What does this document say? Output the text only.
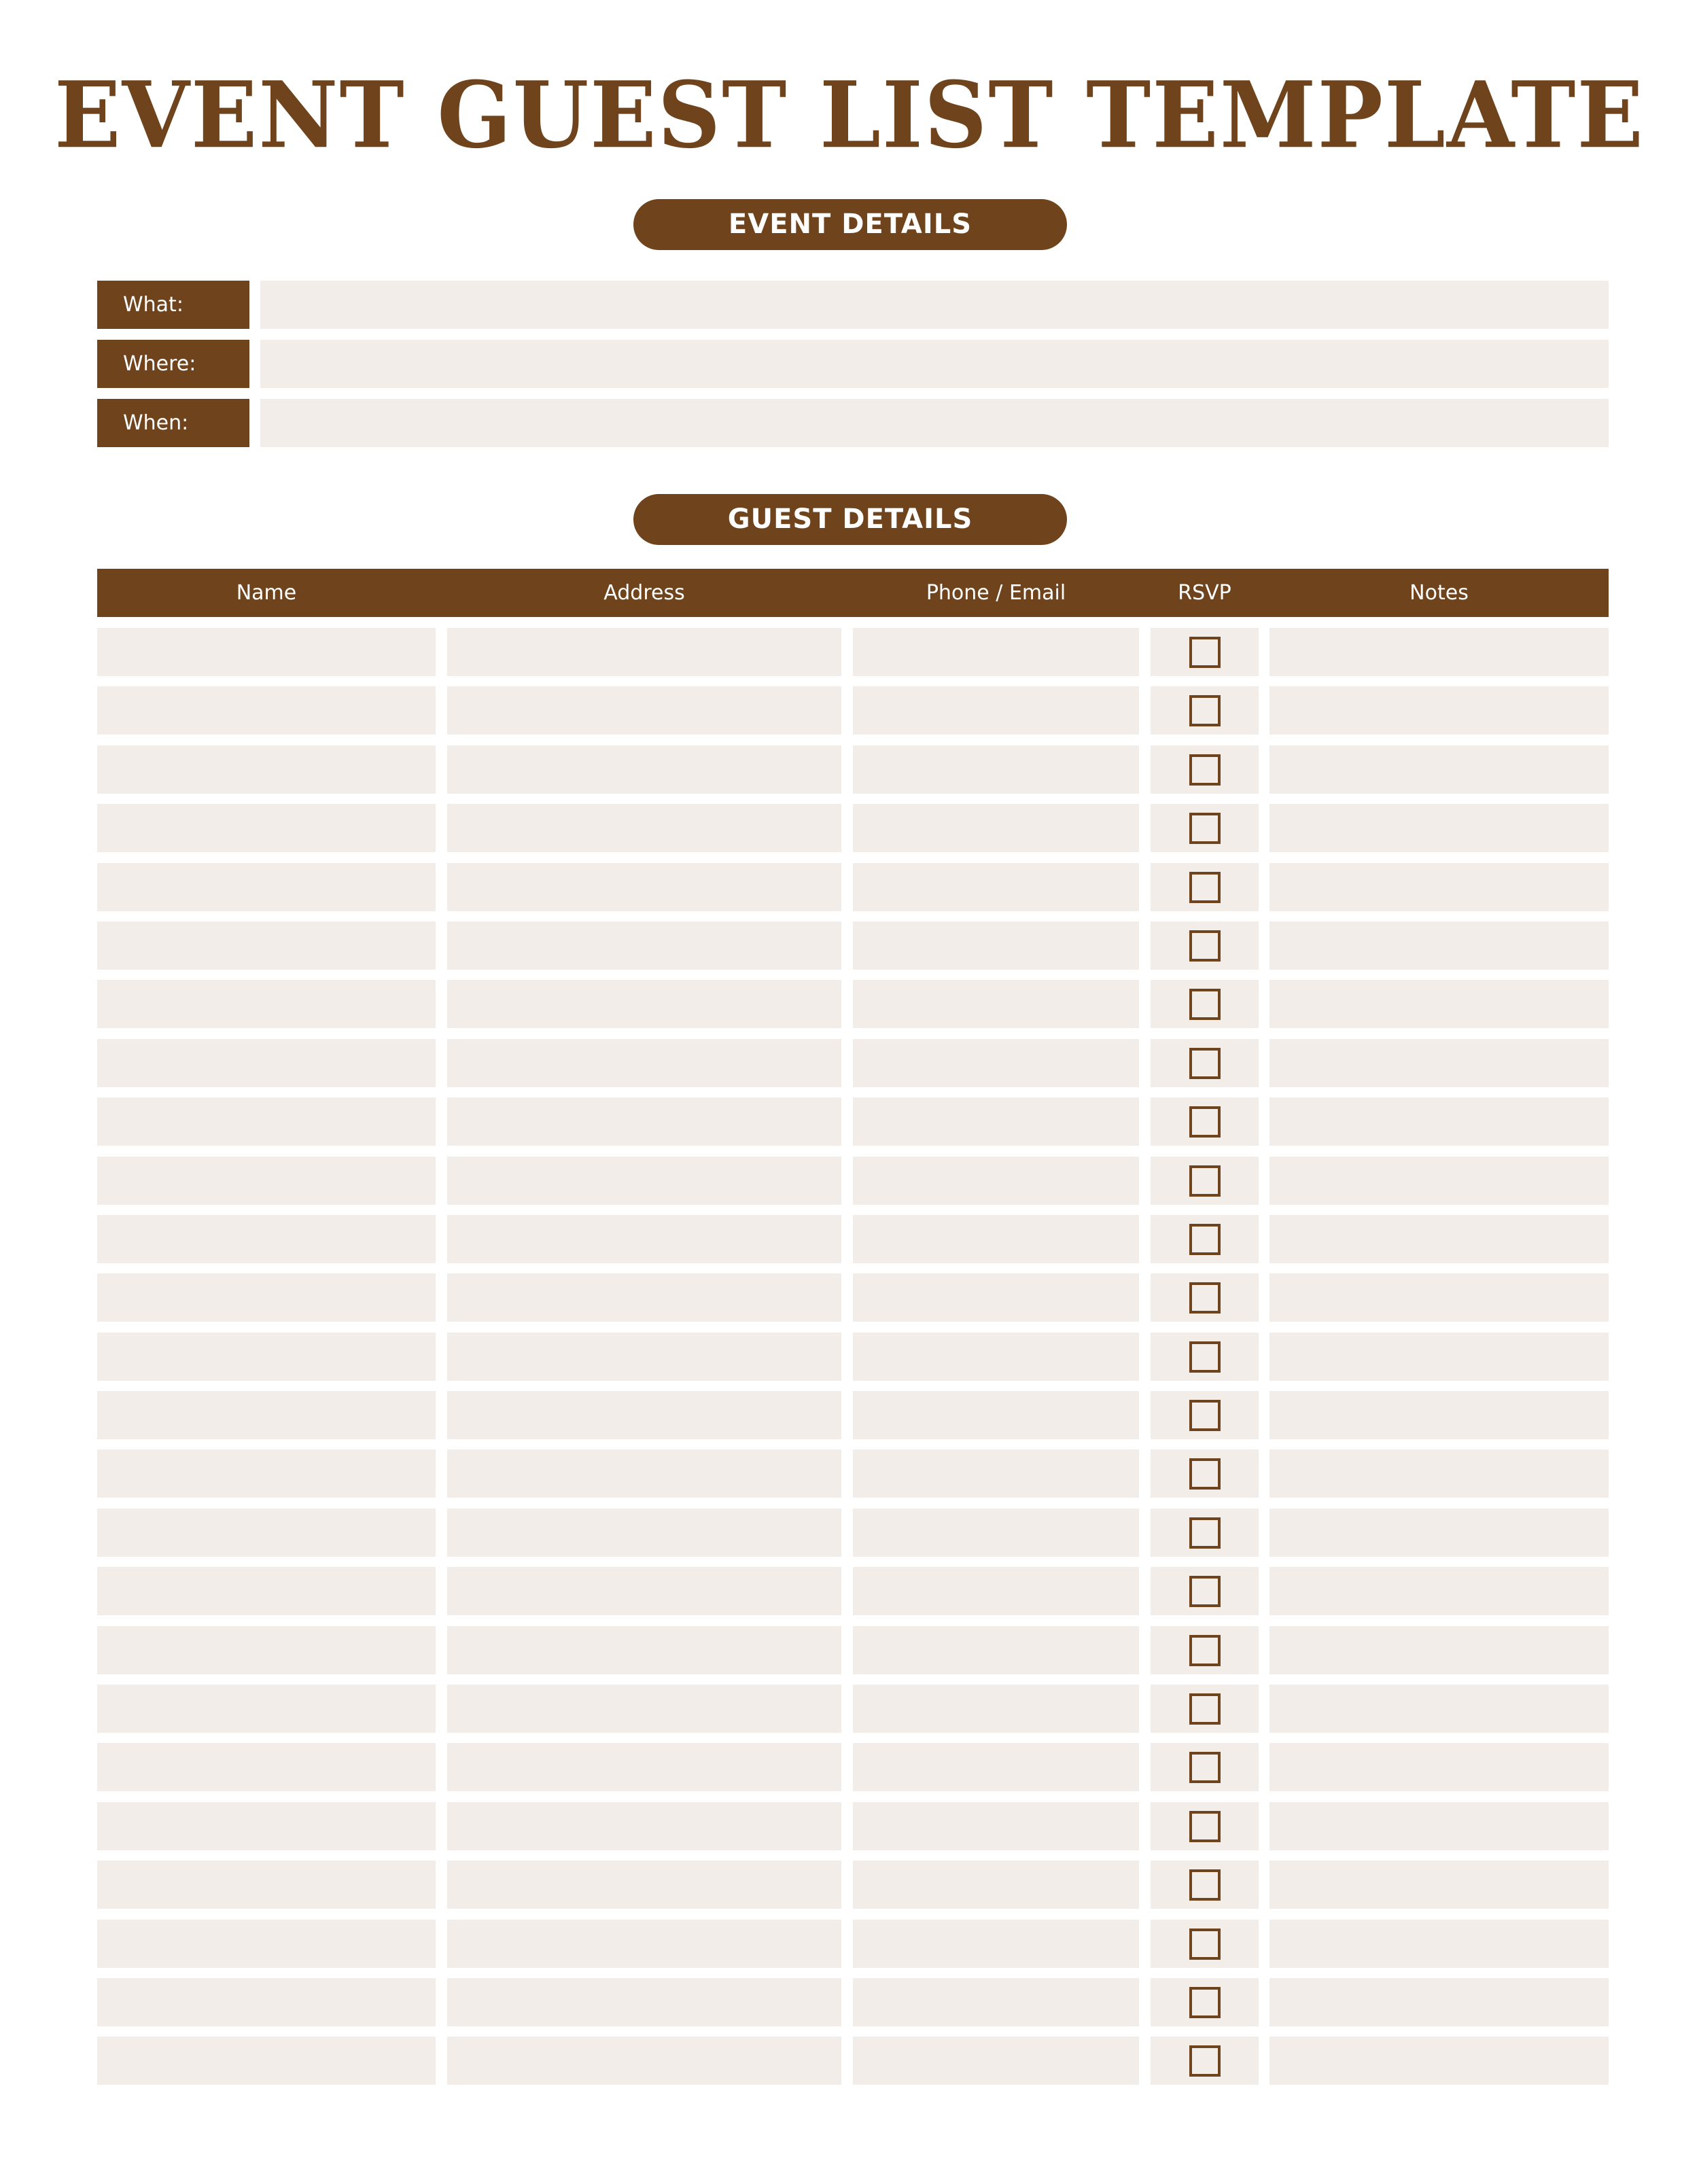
EVENT GUEST LIST TEMPLATE
EVENT DETAILS
What:
Where:
When:
GUEST DETAILS
Name	Address	Phone / Email	RSVP	Notes
